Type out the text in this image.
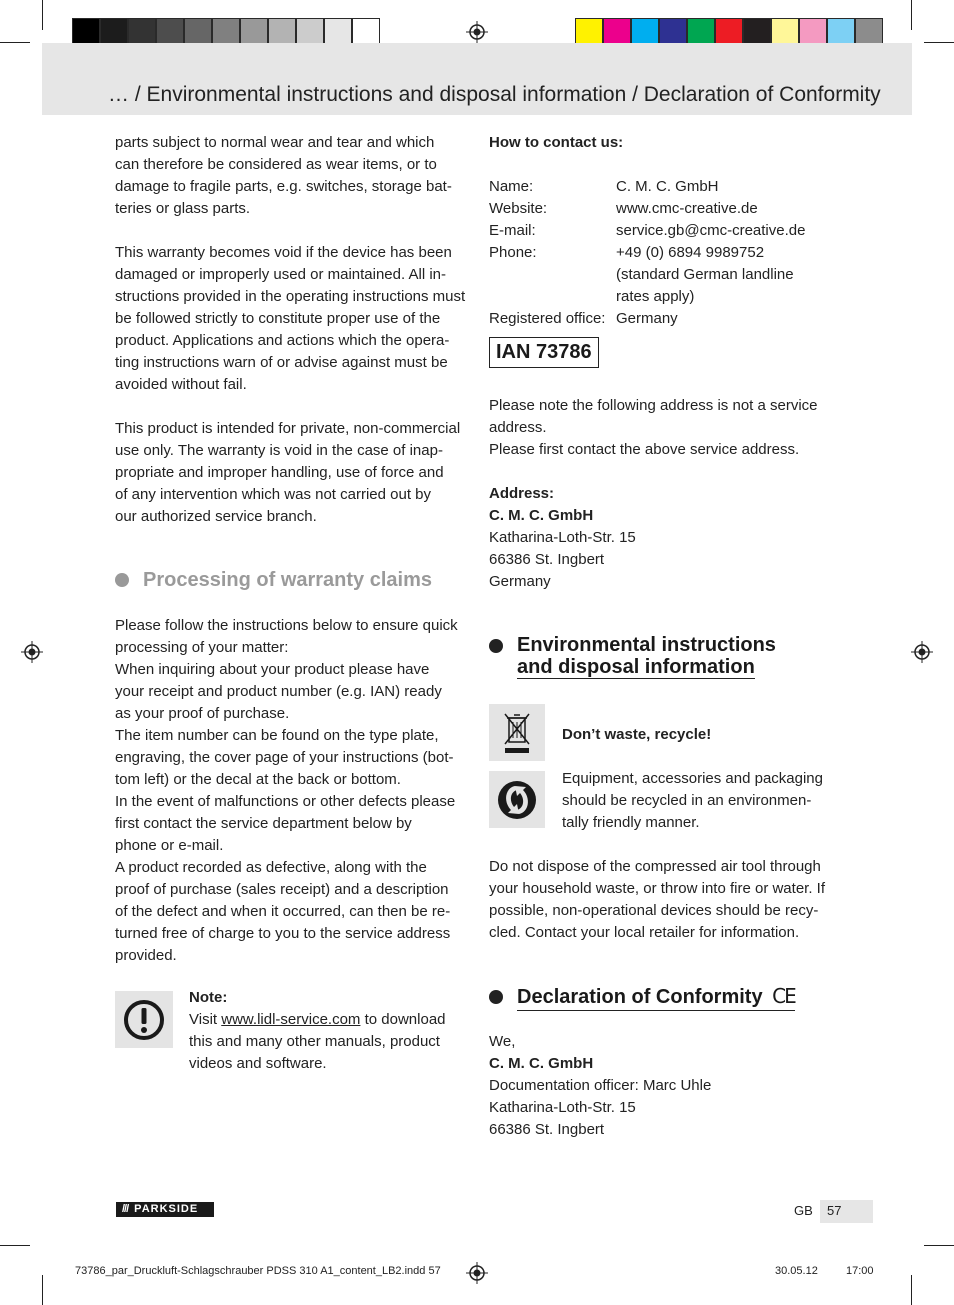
… / Environmental instructions and disposal information / Declaration of Conformity

parts subject to normal wear and tear and which

can therefore be considered as wear items, or to

damage to fragile parts, e.g. switches, storage bat-

teries or glass parts.

This warranty becomes void if the device has been

damaged or improperly used or maintained. All in-

structions provided in the operating instructions must

be followed strictly to constitute proper use of the

product. Applications and actions which the opera-

ting instructions warn of or advise against must be

avoided without fail.

This product is intended for private, non-commercial

use only. The warranty is void in the case of inap-

propriate and improper handling, use of force and

of any intervention which was not carried out by

our authorized service branch.

Processing of warranty claims

Please follow the instructions below to ensure quick

processing of your matter:

When inquiring about your product please have

your receipt and product number (e.g. IAN) ready

as your proof of purchase.

The item number can be found on the type plate,

engraving, the cover page of your instructions (bot-

tom left) or the decal at the back or bottom.

In the event of malfunctions or other defects please

first contact the service department below by

phone or e-mail.

A product recorded as defective, along with the

proof of purchase (sales receipt) and a description

of the defect and when it occurred, can then be re-

turned free of charge to you to the service address

provided.

Note:

Visit www.lidl-service.com to download

this and many other manuals, product

videos and software.

How to contact us:

Name:	C. M. C. GmbH
Website:	www.cmc-creative.de
E-mail:	service.gb@cmc-creative.de
Phone:	+49 (0) 6894 9989752
(standard German landline
rates apply)
Registered office: Germany
IAN 73786

Please note the following address is not a service

address.

Please first contact the above service address.

Address:

C. M. C. GmbH

Katharina-Loth-Str. 15

66386 St. Ingbert

Germany

Environmental instructions
and disposal information

Don’t waste, recycle!

Equipment, accessories and packaging

should be recycled in an environmen-

tally friendly manner.

Do not dispose of the compressed air tool through

your household waste, or throw into fire or water. If

possible, non-operational devices should be recy-

cled. Contact your local retailer for information.

Declaration of Conformity CE

We,

C. M. C. GmbH

Documentation officer: Marc Uhle

Katharina-Loth-Str. 15

66386 St. Ingbert

/// PARKSIDE	GB 57
73786_par_Druckluft-Schlagschrauber PDSS 310 A1_content_LB2.indd 57	30.05.12	17:00
